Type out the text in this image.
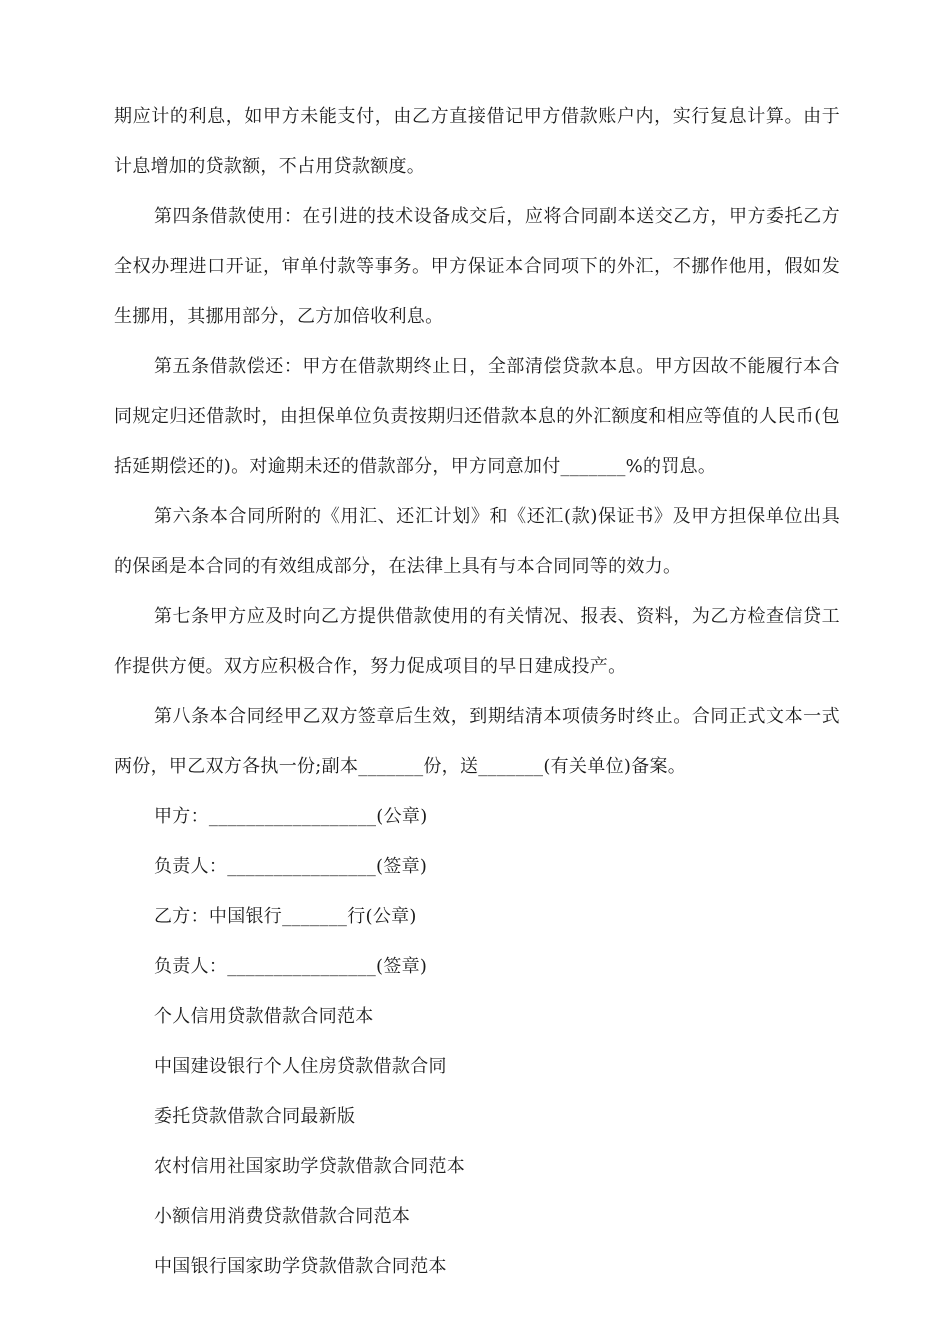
期应计的利息，如甲方未能支付，由乙方直接借记甲方借款账户内，实行复息计算。由于计息增加的贷款额，不占用贷款额度。

第四条借款使用：在引进的技术设备成交后，应将合同副本送交乙方，甲方委托乙方全权办理进口开证，审单付款等事务。甲方保证本合同项下的外汇，不挪作他用，假如发生挪用，其挪用部分，乙方加倍收利息。

第五条借款偿还：甲方在借款期终止日，全部清偿贷款本息。甲方因故不能履行本合同规定归还借款时，由担保单位负责按期归还借款本息的外汇额度和相应等值的人民币(包括延期偿还的)。对逾期未还的借款部分，甲方同意加付_______%的罚息。

第六条本合同所附的《用汇、还汇计划》和《还汇(款)保证书》及甲方担保单位出具的保函是本合同的有效组成部分，在法律上具有与本合同同等的效力。

第七条甲方应及时向乙方提供借款使用的有关情况、报表、资料，为乙方检查信贷工作提供方便。双方应积极合作，努力促成项目的早日建成投产。

第八条本合同经甲乙双方签章后生效，到期结清本项债务时终止。合同正式文本一式两份，甲乙双方各执一份;副本_______份，送_______(有关单位)备案。

甲方：__________________(公章)

负责人：________________(签章)

乙方：中国银行_______行(公章)

负责人：________________(签章)

个人信用贷款借款合同范本

中国建设银行个人住房贷款借款合同

委托贷款借款合同最新版

农村信用社国家助学贷款借款合同范本

小额信用消费贷款借款合同范本

中国银行国家助学贷款借款合同范本
